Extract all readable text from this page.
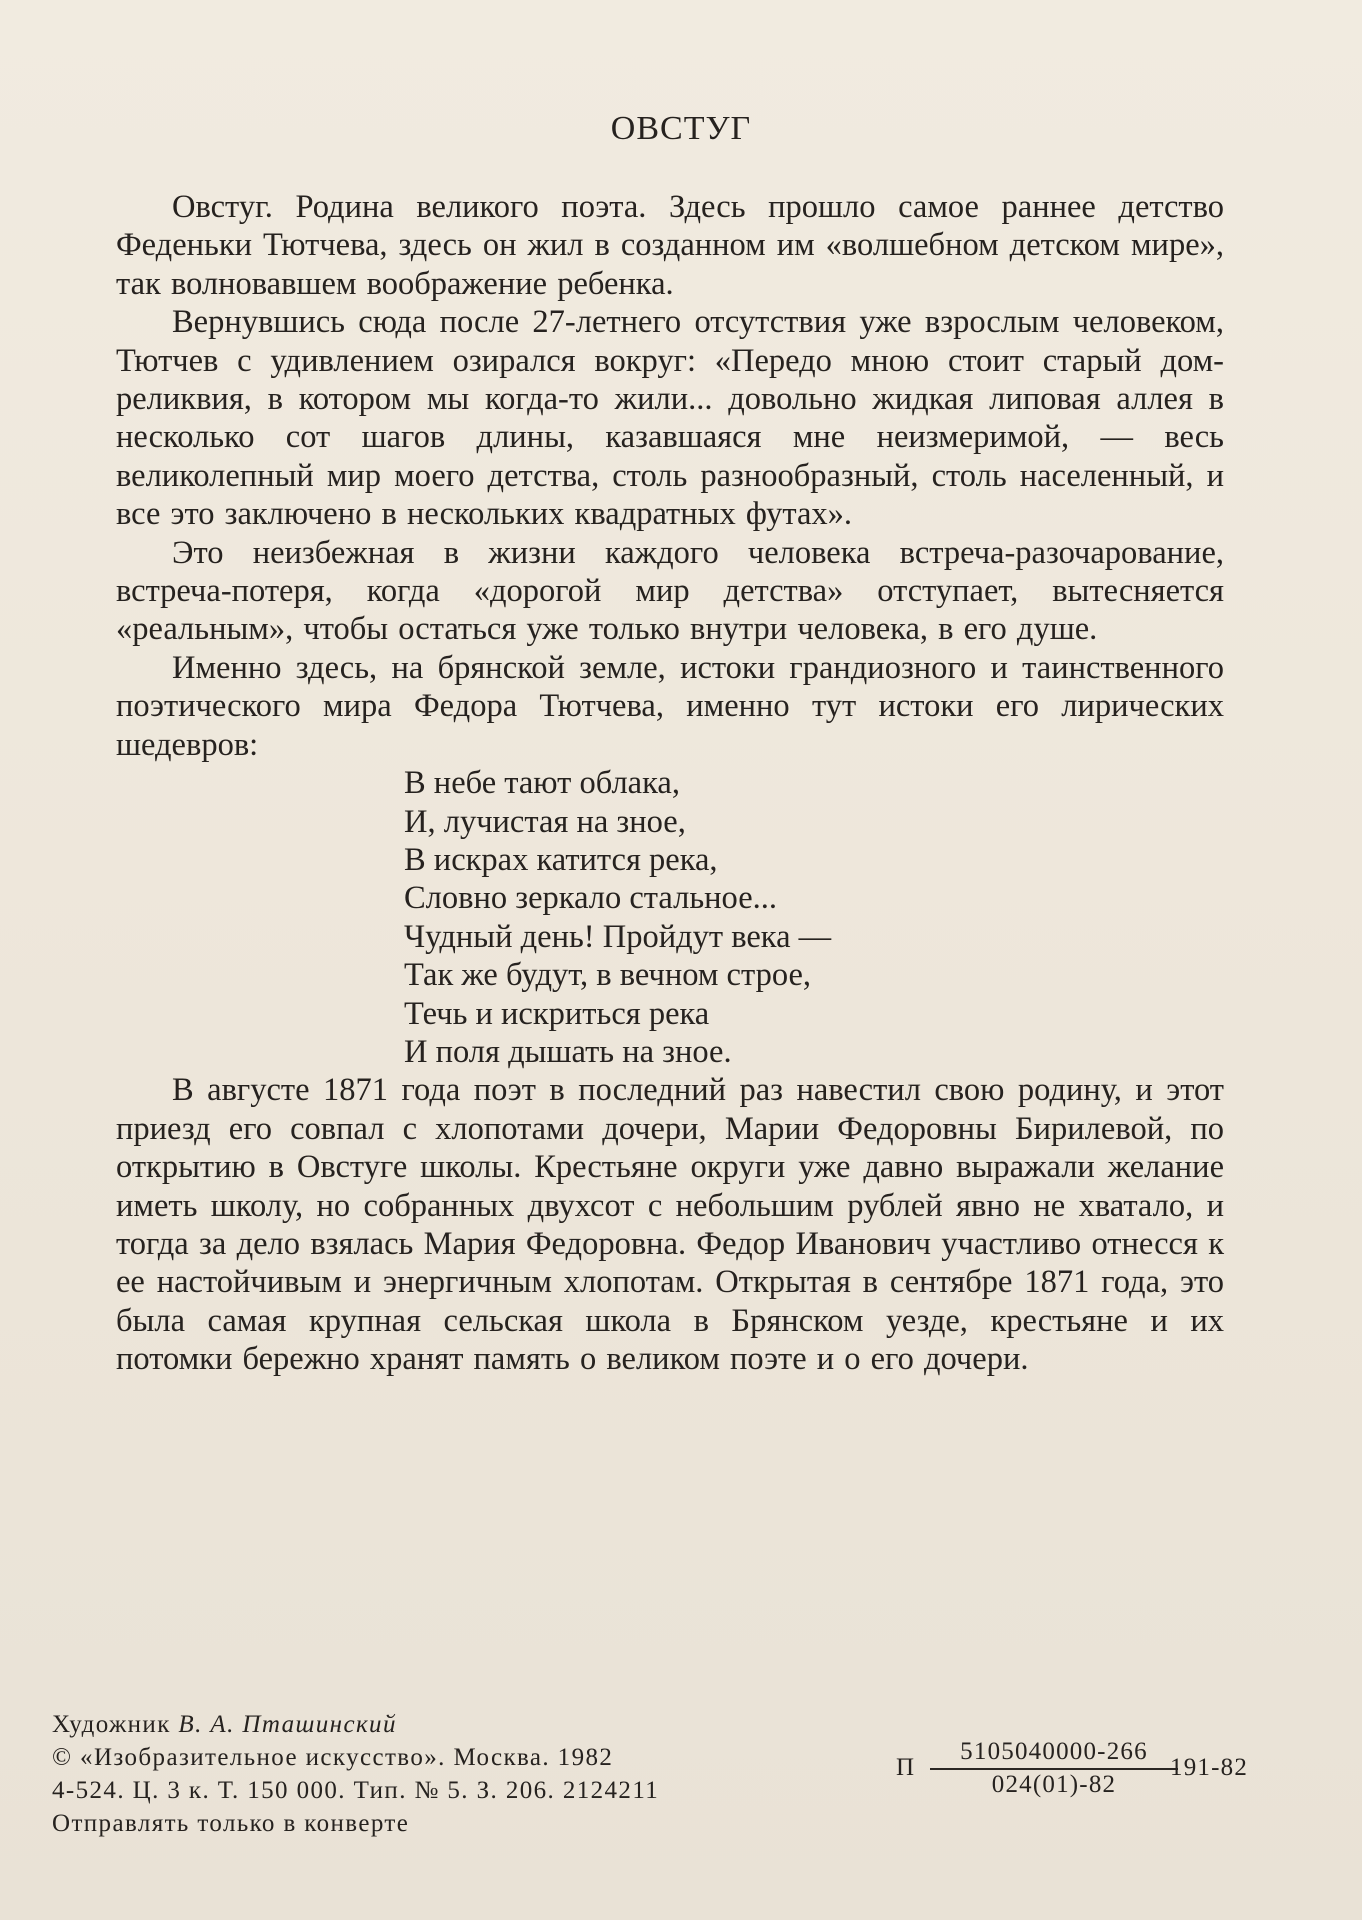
ОВСТУГ

Овстуг. Родина великого поэта. Здесь прошло самое раннее детство Феденьки Тютчева, здесь он жил в созданном им «волшебном детском мире», так волновавшем воображение ребенка.

Вернувшись сюда после 27-летнего отсутствия уже взрослым человеком, Тютчев с удивлением озирался вокруг: «Передо мною стоит старый дом-реликвия, в котором мы когда-то жили... довольно жидкая липовая аллея в несколько сот шагов длины, казавшаяся мне неизмеримой, — весь великолепный мир моего детства, столь разнообразный, столь населенный, и все это заключено в нескольких квадратных футах».

Это неизбежная в жизни каждого человека встреча-разочарование, встреча-потеря, когда «дорогой мир детства» отступает, вытесняется «реальным», чтобы остаться уже только внутри человека, в его душе.

Именно здесь, на брянской земле, истоки грандиозного и таинственного поэтического мира Федора Тютчева, именно тут истоки его лирических шедевров:

В небе тают облака,
И, лучистая на зное,
В искрах катится река,
Словно зеркало стальное...
Чудный день! Пройдут века —
Так же будут, в вечном строе,
Течь и искриться река
И поля дышать на зное.

В августе 1871 года поэт в последний раз навестил свою родину, и этот приезд его совпал с хлопотами дочери, Марии Федоровны Бирилевой, по открытию в Овстуге школы. Крестьяне округи уже давно выражали желание иметь школу, но собранных двухсот с небольшим рублей явно не хватало, и тогда за дело взялась Мария Федоровна. Федор Иванович участливо отнесся к ее настойчивым и энергичным хлопотам. Открытая в сентябре 1871 года, это была самая крупная сельская школа в Брянском уезде, крестьяне и их потомки бережно хранят память о великом поэте и о его дочери.

Художник В. А. Пташинский
© «Изобразительное искусство». Москва. 1982
4-524. Ц. 3 к. Т. 150 000. Тип. № 5. З. 206. 2124211
Отправлять только в конверте
П $\frac{5105040000-266}{024(01)-82}$
191-82
